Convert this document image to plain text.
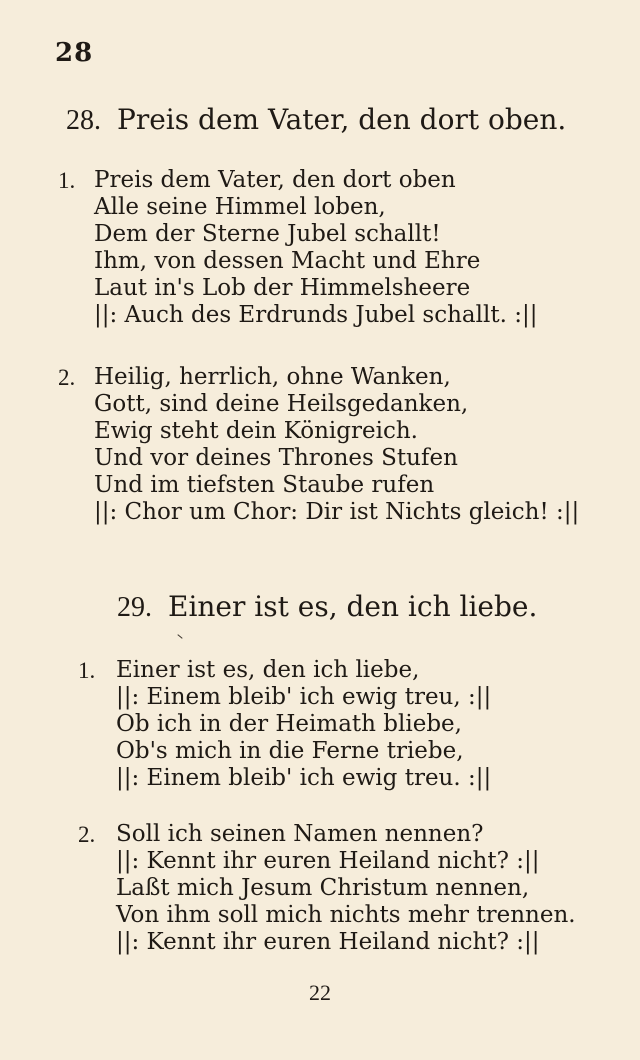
28
28. Preis dem Vater, den dort oben.
1. Preis dem Vater, den dort oben
Alle seine Himmel loben,
Dem der Sterne Jubel schallt!
Ihm, von dessen Macht und Ehre
Laut in's Lob der Himmelsheere
||: Auch des Erdrunds Jubel schallt. :||
2. Heilig, herrlich, ohne Wanken,
Gott, sind deine Heilsgedanken,
Ewig steht dein Königreich.
Und vor deines Thrones Stufen
Und im tiefsten Staube rufen
||: Chor um Chor: Dir ist Nichts gleich! :||
29. Einer ist es, den ich liebe.
1. Einer ist es, den ich liebe,
||: Einem bleib' ich ewig treu, :||
Ob ich in der Heimath bliebe,
Ob's mich in die Ferne triebe,
||: Einem bleib' ich ewig treu. :||
2. Soll ich seinen Namen nennen?
||: Kennt ihr euren Heiland nicht? :||
Laßt mich Jesum Christum nennen,
Von ihm soll mich nichts mehr trennen.
||: Kennt ihr euren Heiland nicht? :||
22
